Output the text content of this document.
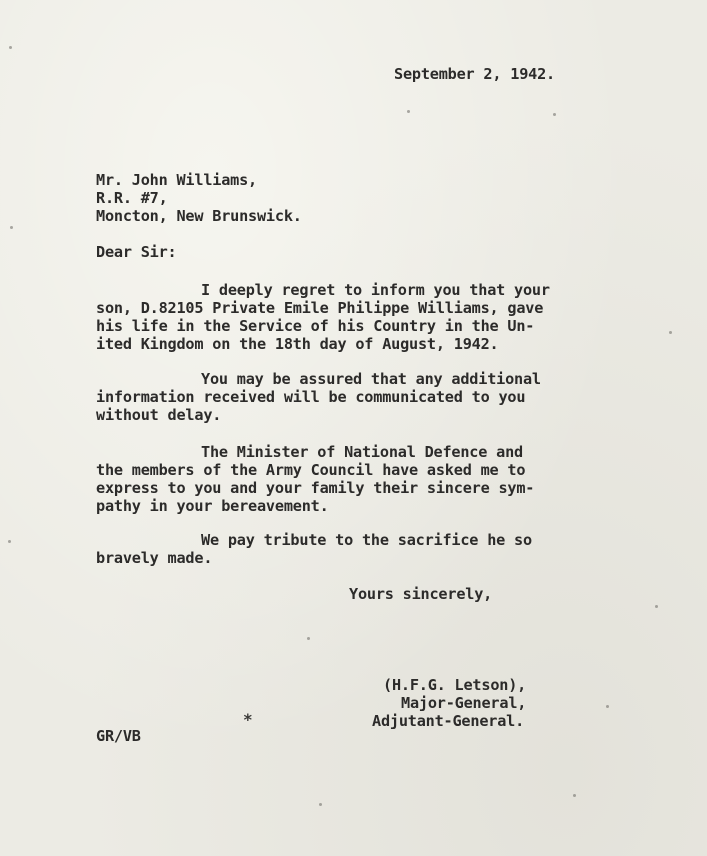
September 2, 1942.
Mr. John Williams,
R.R. #7,
Moncton, New Brunswick.
Dear Sir:
I deeply regret to inform you that your
son, D.82105 Private Emile Philippe Williams, gave
his life in the Service of his Country in the Un-
ited Kingdom on the 18th day of August, 1942.
You may be assured that any additional
information received will be communicated to you
without delay.
The Minister of National Defence and
the members of the Army Council have asked me to
express to you and your family their sincere sym-
pathy in your bereavement.
We pay tribute to the sacrifice he so
bravely made.
Yours sincerely,
(H.F.G. Letson),
Major-General,
Adjutant-General.
GR/VB
*
